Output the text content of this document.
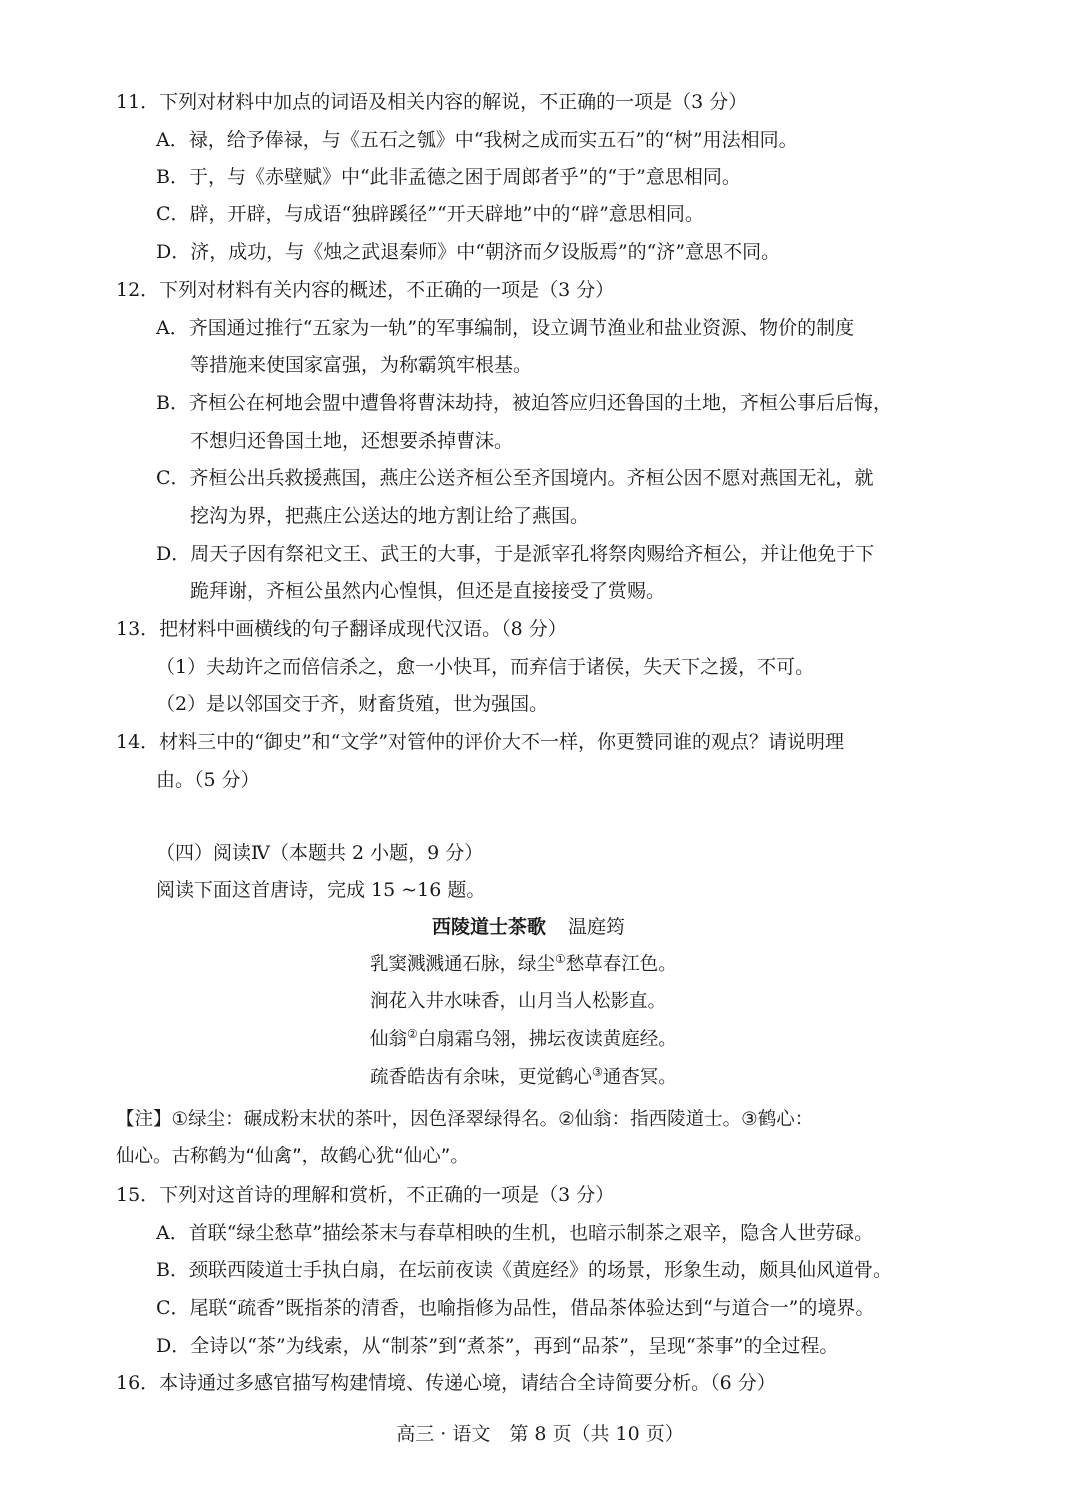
11．下列对材料中加点的词语及相关内容的解说，不正确的一项是（3 分）
A．禄，给予俸禄，与《五石之瓠》中“我树之成而实五石”的“树”用法相同。
B．于，与《赤壁赋》中“此非孟德之困于周郎者乎”的“于”意思相同。
C．辟，开辟，与成语“独辟蹊径”“开天辟地”中的“辟”意思相同。
D．济，成功，与《烛之武退秦师》中“朝济而夕设版焉”的“济”意思不同。
12．下列对材料有关内容的概述，不正确的一项是（3 分）
A．齐国通过推行“五家为一轨”的军事编制，设立调节渔业和盐业资源、物价的制度
等措施来使国家富强，为称霸筑牢根基。
B．齐桓公在柯地会盟中遭鲁将曹沫劫持，被迫答应归还鲁国的土地，齐桓公事后后悔，
不想归还鲁国土地，还想要杀掉曹沫。
C．齐桓公出兵救援燕国，燕庄公送齐桓公至齐国境内。齐桓公因不愿对燕国无礼，就
挖沟为界，把燕庄公送达的地方割让给了燕国。
D．周天子因有祭祀文王、武王的大事，于是派宰孔将祭肉赐给齐桓公，并让他免于下
跪拜谢，齐桓公虽然内心惶惧，但还是直接接受了赏赐。
13．把材料中画横线的句子翻译成现代汉语。（8 分）
（1）夫劫许之而倍信杀之，愈一小快耳，而弃信于诸侯，失天下之援，不可。
（2）是以邻国交于齐，财畜货殖，世为强国。
14．材料三中的“御史”和“文学”对管仲的评价大不一样，你更赞同谁的观点？请说明理
由。（5 分）
（四）阅读Ⅳ（本题共 2 小题，9 分）
阅读下面这首唐诗，完成 15 ~16 题。
西陵道士茶歌 温庭筠
乳窦溅溅通石脉，绿尘①愁草春江色。
涧花入井水味香，山月当人松影直。
仙翁②白扇霜乌翎，拂坛夜读黄庭经。
疏香皓齿有余味，更觉鹤心③通杳冥。
【注】①绿尘：碾成粉末状的茶叶，因色泽翠绿得名。②仙翁：指西陵道士。③鹤心：
仙心。古称鹤为“仙禽”，故鹤心犹“仙心”。
15．下列对这首诗的理解和赏析，不正确的一项是（3 分）
A．首联“绿尘愁草”描绘茶末与春草相映的生机，也暗示制茶之艰辛，隐含人世劳碌。
B．颈联西陵道士手执白扇，在坛前夜读《黄庭经》的场景，形象生动，颇具仙风道骨。
C．尾联“疏香”既指茶的清香，也喻指修为品性，借品茶体验达到“与道合一”的境界。
D．全诗以“茶”为线索，从“制茶”到“煮茶”，再到“品茶”，呈现“茶事”的全过程。
16．本诗通过多感官描写构建情境、传递心境，请结合全诗简要分析。（6 分）
高三 · 语文　第 8 页（共 10 页）
